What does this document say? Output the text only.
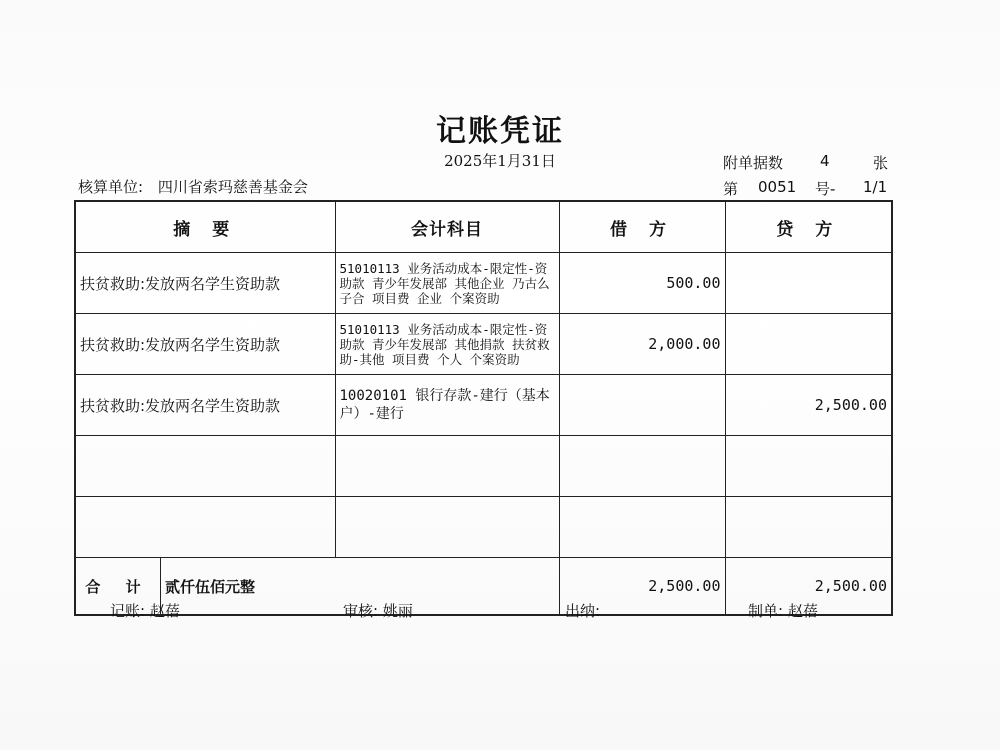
记账凭证
2025年1月31日	附单据数 4	张
第 0051 号- 1/1
核算单位: 四川省索玛慈善基金会
摘 要	会计科目	借 方	贷 方
扶贫救助:发放两名学生资助款	51010113 业务活动成本-限定性-资助款 青少年发展部 其他企业 乃古么子合 项目费 企业 个案资助	500.00	
扶贫救助:发放两名学生资助款	51010113 业务活动成本-限定性-资助款 青少年发展部 其他捐款 扶贫救助-其他 项目费 个人 个案资助	2,000.00	
扶贫救助:发放两名学生资助款	10020101 银行存款-建行（基本户）-建行		2,500.00

合 计 贰仟伍佰元整		2,500.00	2,500.00
记账: 赵蓓	审核: 姚丽	出纳:	制单: 赵蓓
